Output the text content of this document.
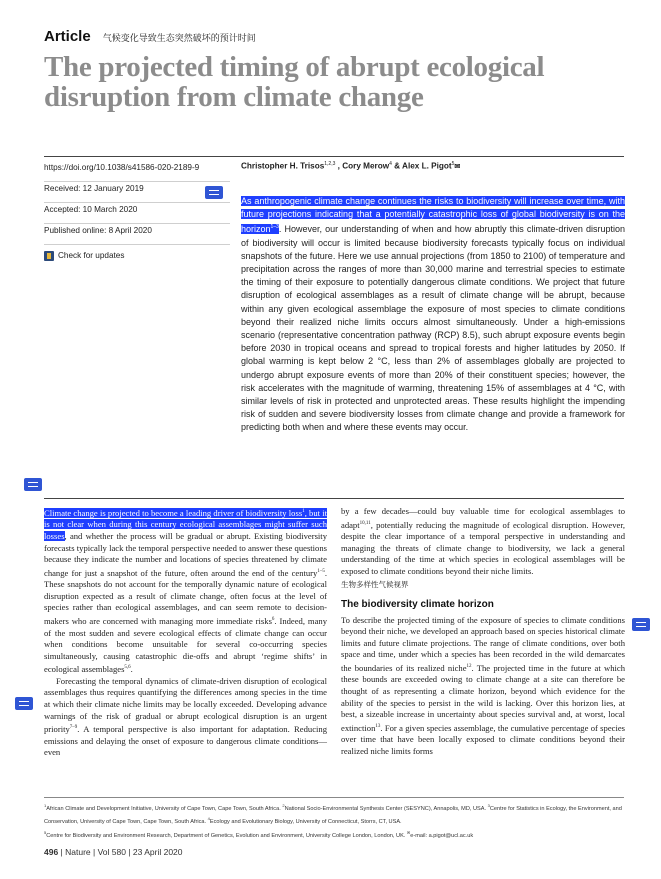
Article 气候变化导致生态突然破坏的预计时间
The projected timing of abrupt ecological
disruption from climate change
https://doi.org/10.1038/s41586-020-2189-9
Received: 12 January 2019
Accepted: 10 March 2020
Published online: 8 April 2020
Check for updates
Christopher H. Trisos$^{1,2,3}$ , Cory Merow$^4$ & Alex L. Pigot$^5$✉
As anthropogenic climate change continues the risks to biodiversity will increase over time, with future projections indicating that a potentially catastrophic loss of global biodiversity is on the horizon$^{1-3}$. However, our understanding of when and how abruptly this climate-driven disruption of biodiversity will occur is limited because biodiversity forecasts typically focus on individual snapshots of the future. Here we use annual projections (from 1850 to 2100) of temperature and precipitation across the ranges of more than 30,000 marine and terrestrial species to estimate the timing of their exposure to potentially dangerous climate conditions. We project that future disruption of ecological assemblages as a result of climate change will be abrupt, because within any given ecological assemblage the exposure of most species to climate conditions beyond their realized niche limits occurs almost simultaneously. Under a high-emissions scenario (representative concentration pathway (RCP) 8.5), such abrupt exposure events begin before 2030 in tropical oceans and spread to tropical forests and higher latitudes by 2050. If global warming is kept below 2 °C, less than 2% of assemblages globally are projected to undergo abrupt exposure events of more than 20% of their constituent species; however, the risk accelerates with the magnitude of warming, threatening 15% of assemblages at 4 °C, with similar levels of risk in protected and unprotected areas. These results highlight the impending risk of sudden and severe biodiversity losses from climate change and provide a framework for predicting both when and where these events may occur.

Climate change is projected to become a leading driver of biodiversity loss$^1$, but it is not clear when during this century ecological assemblages might suffer such losses, and whether the process will be gradual or abrupt. Existing biodiversity forecasts typically lack the temporal perspective needed to answer these questions because they indicate the number and locations of species threatened by climate change for just a snapshot of the future, often around the end of the century$^{1-5}$. These snapshots do not account for the temporally dynamic nature of ecological disruption expected as a result of climate change, often focus at the level of species rather than ecological assemblages, and can seem remote to decision-makers who are concerned with managing more immediate risks$^6$. Indeed, many of the most sudden and severe ecological effects of climate change can occur when conditions become unsuitable for several co-occurring species simultaneously, causing catastrophic die-offs and abrupt ‘regime shifts’ in ecological assemblages$^{5,6}$.

Forecasting the temporal dynamics of climate-driven disruption of ecological assemblages thus requires quantifying the differences among species in the time at which their climate niche limits may be locally exceeded. Developing advance warnings of the risk of gradual or abrupt ecological disruption is an urgent priority$^{7-9}$. A temporal perspective is also important for adaptation. Reducing emissions and delaying the onset of exposure to dangerous climate conditions—even

by a few decades—could buy valuable time for ecological assemblages to adapt$^{10,11}$, potentially reducing the magnitude of ecological disruption. However, despite the clear importance of a temporal perspective in understanding and managing the threats of climate change to biodiversity, we lack a general understanding of the time at which species in ecological assemblages will be exposed to climate conditions beyond their niche limits.

生物多样性气候视界
The biodiversity climate horizon

To describe the projected timing of the exposure of species to climate conditions beyond their niche, we developed an approach based on species historical climate limits and future climate projections. The range of climate conditions, over both space and time, under which a species has been recorded in the wild demarcates the boundaries of its realized niche$^{12}$. The projected time in the future at which these bounds are exceeded owing to climate change at a site can therefore be thought of as representing a climate horizon, beyond which evidence for the ability of the species to persist in the wild is lacking. Over this horizon lies, at best, a sizeable increase in uncertainty about species survival and, at worst, local extinction$^{13}$. For a given species assemblage, the cumulative percentage of species over time that have been locally exposed to climate conditions beyond their realized niche limits forms

$^1$African Climate and Development Initiative, University of Cape Town, Cape Town, South Africa. $^2$National Socio-Environmental Synthesis Center (SESYNC), Annapolis, MD, USA. $^3$Centre for Statistics in Ecology, the Environment, and Conservation, University of Cape Town, Cape Town, South Africa. $^4$Ecology and Evolutionary Biology, University of Connecticut, Storrs, CT, USA.
$^5$Centre for Biodiversity and Environment Research, Department of Genetics, Evolution and Environment, University College London, London, UK. ✉e-mail: a.pigot@ucl.ac.uk
496 | Nature | Vol 580 | 23 April 2020
